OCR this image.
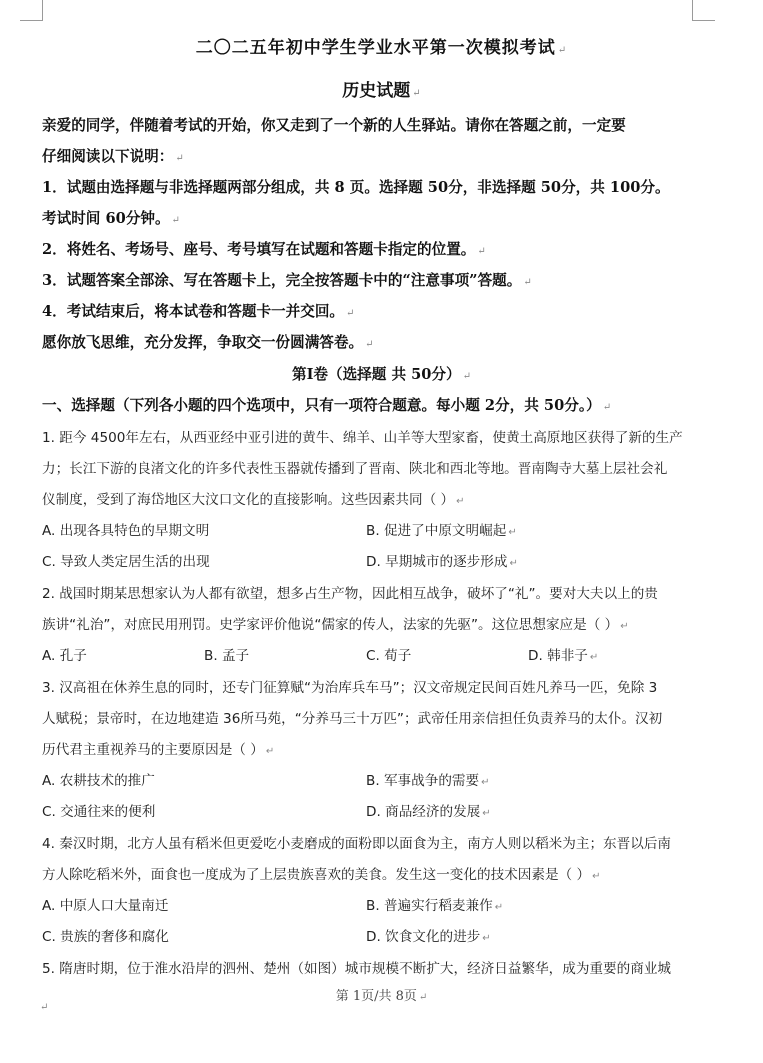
二〇二五年初中学生学业水平第一次模拟考试 ↵
历史试题 ↵
亲爱的同学，伴随着考试的开始，你又走到了一个新的人生驿站。请你在答题之前，一定要
仔细阅读以下说明： ↵
1．试题由选择题与非选择题两部分组成，共 8 页。选择题 50分，非选择题 50分，共 100分。
考试时间 60分钟。 ↵
2．将姓名、考场号、座号、考号填写在试题和答题卡指定的位置。 ↵
3．试题答案全部涂、写在答题卡上，完全按答题卡中的“注意事项”答题。 ↵
4．考试结束后，将本试卷和答题卡一并交回。 ↵
愿你放飞思维，充分发挥，争取交一份圆满答卷。 ↵
第Ⅰ卷（选择题 共 50分） ↵
一、选择题（下列各小题的四个选项中，只有一项符合题意。每小题 2分，共 50分。） ↵
1. 距今 4500年左右，从西亚经中亚引进的黄牛、绵羊、山羊等大型家畜，使黄土高原地区获得了新的生产
力；长江下游的良渚文化的许多代表性玉器就传播到了晋南、陕北和西北等地。晋南陶寺大墓上层社会礼
仪制度，受到了海岱地区大汶口文化的直接影响。这些因素共同（ ） ↵
A. 出现各具特色的早期文明	B. 促进了中原文明崛起 ↵
C. 导致人类定居生活的出现	D. 早期城市的逐步形成 ↵
2. 战国时期某思想家认为人都有欲望，想多占生产物，因此相互战争，破坏了“礼”。要对大夫以上的贵
族讲“礼治”，对庶民用刑罚。史学家评价他说“儒家的传人，法家的先驱”。这位思想家应是（ ） ↵
A. 孔子	B. 孟子	C. 荀子	D. 韩非子 ↵
3. 汉高祖在休养生息的同时，还专门征算赋“为治库兵车马”；汉文帝规定民间百姓凡养马一匹，免除 3
人赋税；景帝时，在边地建造 36所马苑，“分养马三十万匹”；武帝任用亲信担任负责养马的太仆。汉初
历代君主重视养马的主要原因是（ ） ↵
A. 农耕技术的推广	B. 军事战争的需要 ↵
C. 交通往来的便利	D. 商品经济的发展 ↵
4. 秦汉时期，北方人虽有稻米但更爱吃小麦磨成的面粉即以面食为主，南方人则以稻米为主；东晋以后南
方人除吃稻米外，面食也一度成为了上层贵族喜欢的美食。发生这一变化的技术因素是（ ） ↵
A. 中原人口大量南迁	B. 普遍实行稻麦兼作 ↵
C. 贵族的奢侈和腐化	D. 饮食文化的进步 ↵
5. 隋唐时期，位于淮水沿岸的泗州、楚州（如图）城市规模不断扩大，经济日益繁华，成为重要的商业城
第 1页/共 8页 ↵
↵
